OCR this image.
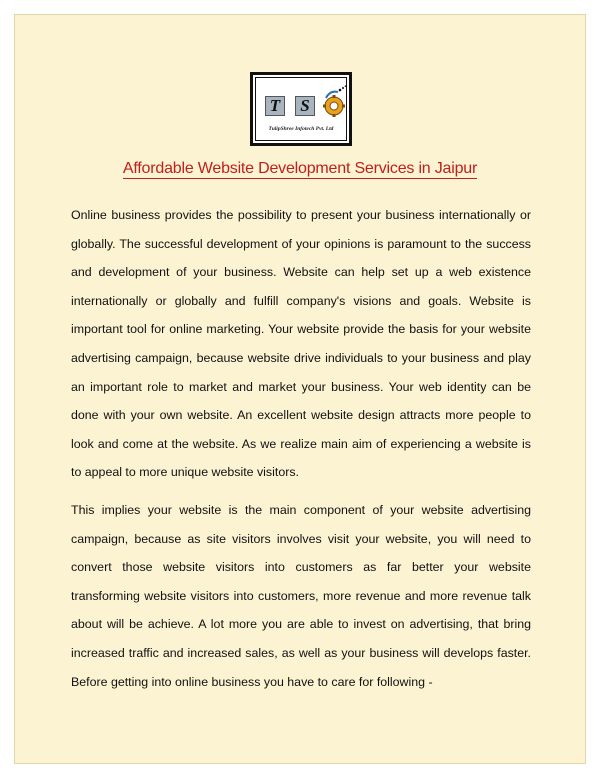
T	S
TulipShree Infotech Pvt. Ltd
Affordable Website Development Services in Jaipur

Online business provides the possibility to present your business internationally or globally. The successful development of your opinions is paramount to the success and development of your business. Website can help set up a web existence internationally or globally and fulfill company's visions and goals. Website is important tool for online marketing. Your website provide the basis for your website advertising campaign, because website drive individuals to your business and play an important role to market and market your business. Your web identity can be done with your own website. An excellent website design attracts more people to look and come at the website. As we realize main aim of experiencing a website is to appeal to more unique website visitors.

This implies your website is the main component of your website advertising campaign, because as site visitors involves visit your website, you will need to convert those website visitors into customers as far better your website transforming website visitors into customers, more revenue and more revenue talk about will be achieve. A lot more you are able to invest on advertising, that bring increased traffic and increased sales, as well as your business will develops faster. Before getting into online business you have to care for following -
